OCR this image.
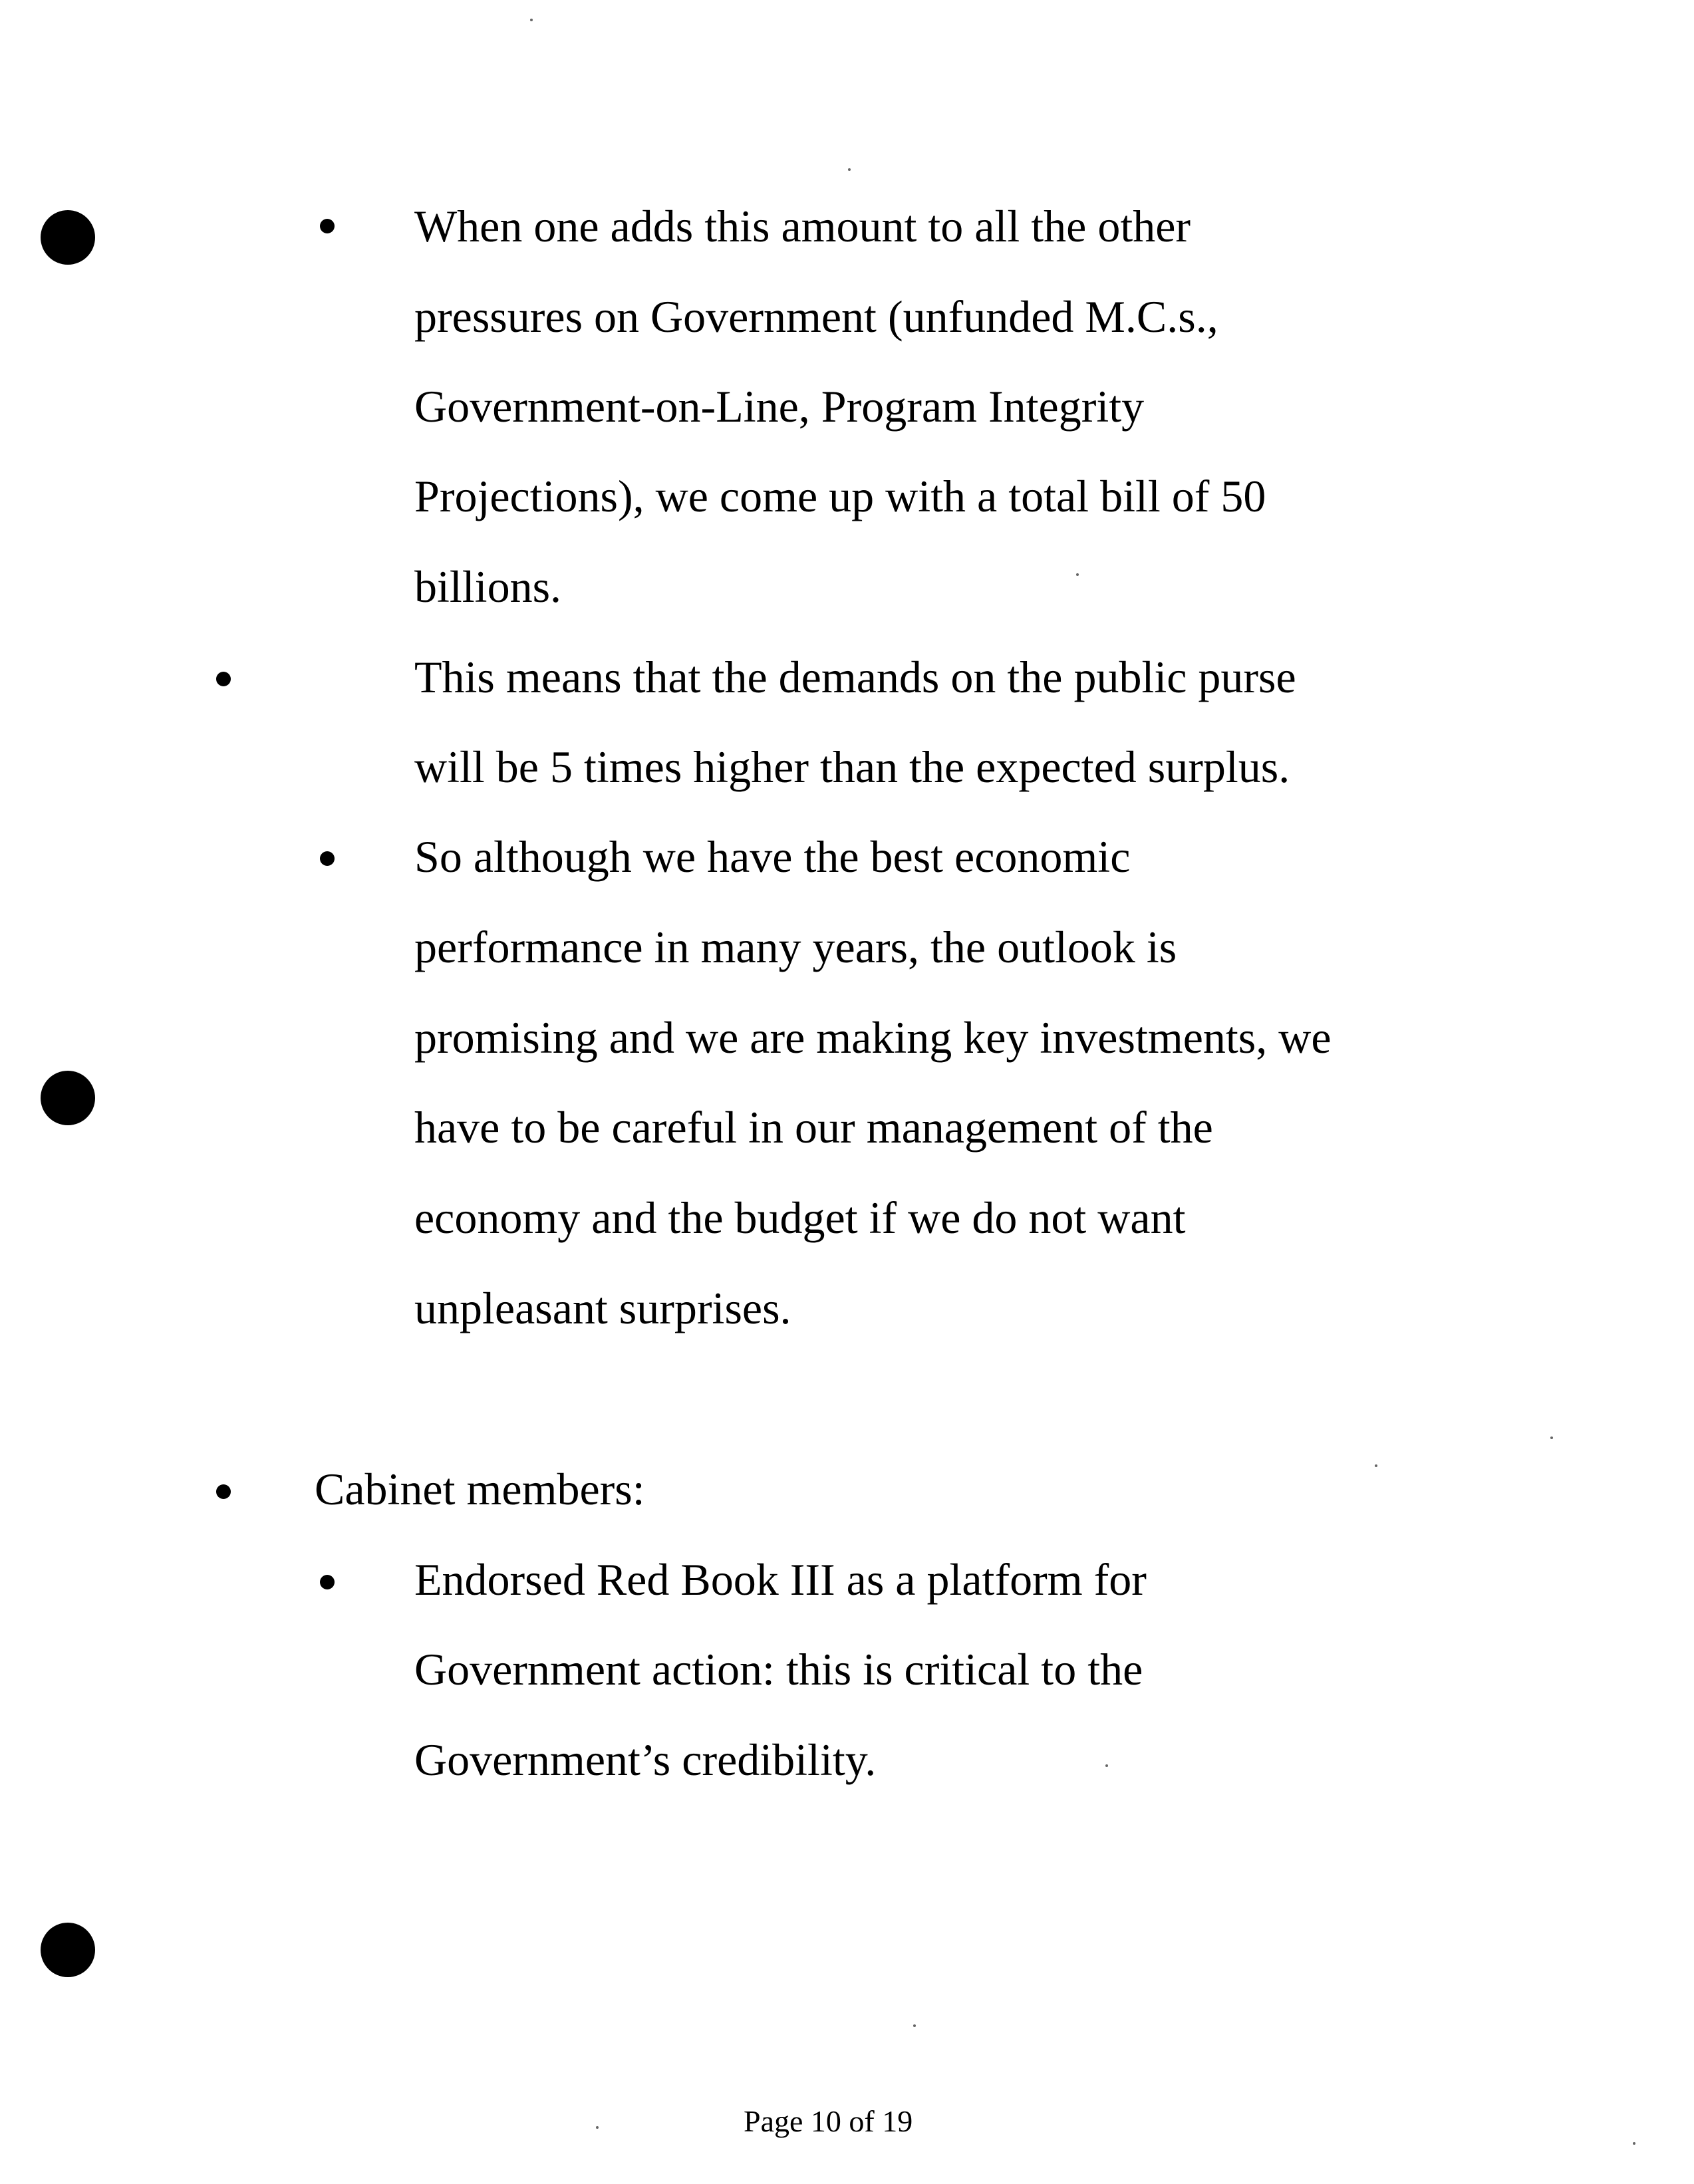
When one adds this amount to all the other
pressures on Government (unfunded M.C.s.,
Government-on-Line, Program Integrity
Projections), we come up with a total bill of 50
billions.
This means that the demands on the public purse
will be 5 times higher than the expected surplus.
So although we have the best economic
performance in many years, the outlook is
promising and we are making key investments, we
have to be careful in our management of the
economy and the budget if we do not want
unpleasant surprises.
Cabinet members:
Endorsed Red Book III as a platform for
Government action: this is critical to the
Government’s credibility.
Page 10 of 19
